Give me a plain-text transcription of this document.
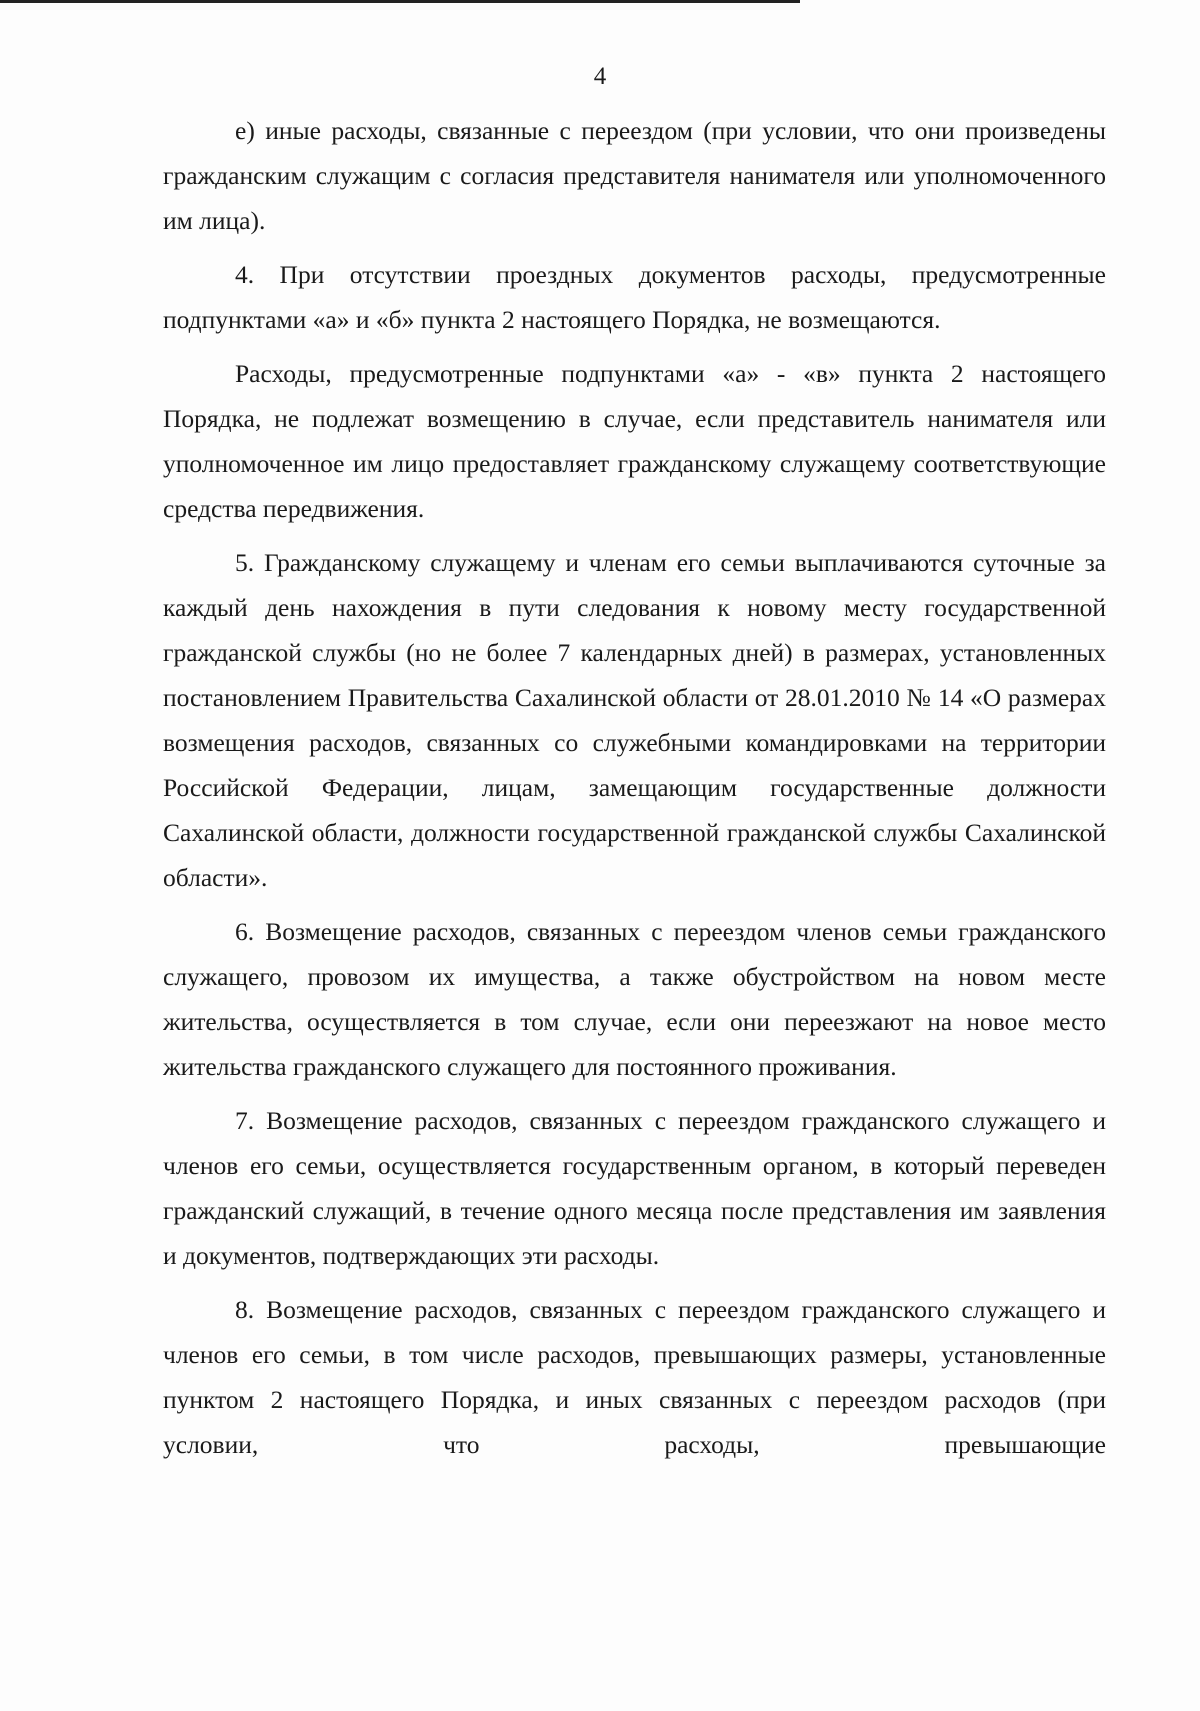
4

е) иные расходы, связанные с переездом (при условии, что они произведены гражданским служащим с согласия представителя нанимателя или уполномоченного им лица).

4. При отсутствии проездных документов расходы, предусмотренные подпунктами «а» и «б» пункта 2 настоящего Порядка, не возмещаются.

Расходы, предусмотренные подпунктами «а» - «в» пункта 2 настоящего Порядка, не подлежат возмещению в случае, если представитель нанимателя или уполномоченное им лицо предоставляет гражданскому служащему соответствующие средства передвижения.

5. Гражданскому служащему и членам его семьи выплачиваются суточные за каждый день нахождения в пути следования к новому месту государственной гражданской службы (но не более 7 календарных дней) в размерах, установленных постановлением Правительства Сахалинской области от 28.01.2010 № 14 «О размерах возмещения расходов, связанных со служебными командировками на территории Российской Федерации, лицам, замещающим государственные должности Сахалинской области, должности государственной гражданской службы Сахалинской области».

6. Возмещение расходов, связанных с переездом членов семьи гражданского служащего, провозом их имущества, а также обустройством на новом месте жительства, осуществляется в том случае, если они переезжают на новое место жительства гражданского служащего для постоянного проживания.

7. Возмещение расходов, связанных с переездом гражданского служащего и членов его семьи, осуществляется государственным органом, в который переведен гражданский служащий, в течение одного месяца после представления им заявления и документов, подтверждающих эти расходы.

8. Возмещение расходов, связанных с переездом гражданского служащего и членов его семьи, в том числе расходов, превышающих размеры, установленные пунктом 2 настоящего Порядка, и иных связанных с переездом расходов (при условии, что расходы, превышающие
